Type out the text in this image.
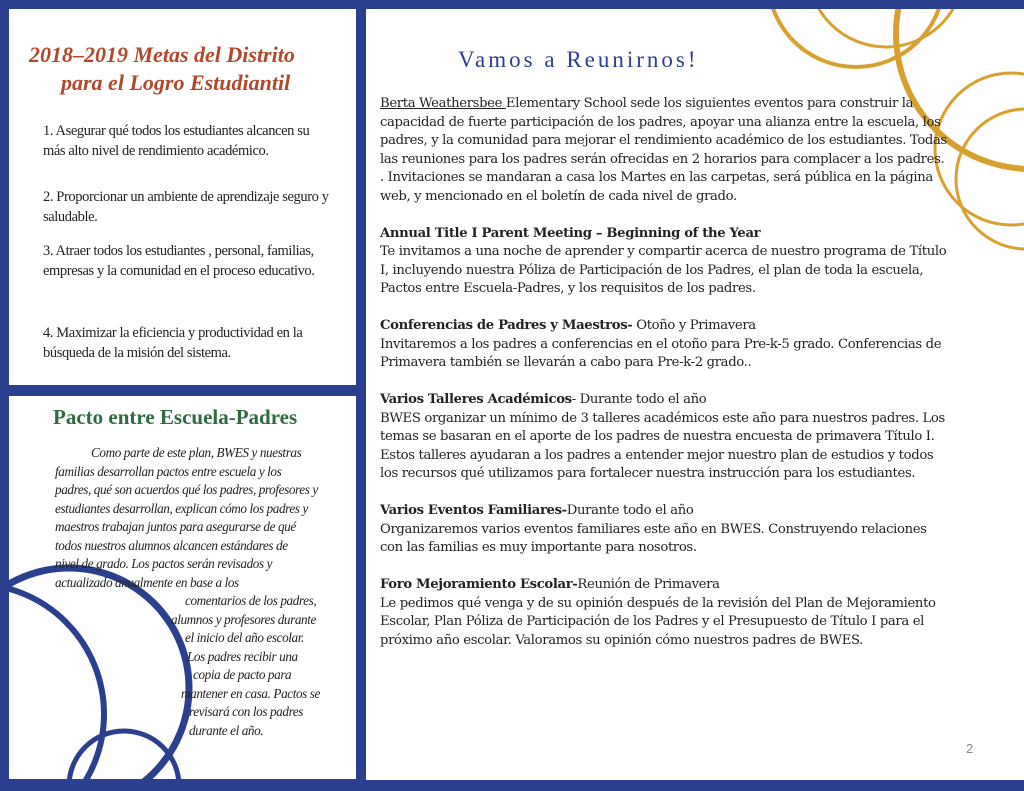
2018–2019 Metas del Distrito
para el Logro Estudiantil

1. Asegurar qué todos los estudiantes alcancen su más alto nivel de rendimiento académico.

2. Proporcionar un ambiente de aprendizaje seguro y saludable.

3. Atraer todos los estudiantes , personal, familias, empresas y la comunidad en el proceso educativo.

4. Maximizar la eficiencia y productividad en la búsqueda de la misión del sistema.

Pacto entre Escuela-Padres
Como parte de este plan, BWES y nuestras
familias desarrollan pactos entre escuela y los
padres, qué son acuerdos qué los padres, profesores y
estudiantes desarrollan, explican cómo los padres y
maestros trabajan juntos para asegurarse de qué
todos nuestros alumnos alcancen estándares de
nivel de grado. Los pactos serán revisados y
actualizado anualmente en base a los
comentarios de los padres,
alumnos y profesores durante
el inicio del año escolar.
Los padres recibir una
copia de pacto para
mantener en casa. Pactos se
revisará con los padres
durante el año.
Vamos a Reunirnos!

Berta Weathersbee Elementary School sede los siguientes eventos para construir la capacidad de fuerte participación de los padres, apoyar una alianza entre la escuela, los padres, y la comunidad para mejorar el rendimiento académico de los estudiantes. Todas las reuniones para los padres serán ofrecidas en 2 horarios para complacer a los padres. . Invitaciones se mandaran a casa los Martes en las carpetas, será pública en la página web, y mencionado en el boletín de cada nivel de grado.

Annual Title I Parent Meeting – Beginning of the Year
Te invitamos a una noche de aprender y compartir acerca de nuestro programa de Título I, incluyendo nuestra Póliza de Participación de los Padres, el plan de toda la escuela, Pactos entre Escuela-Padres, y los requisitos de los padres.
Conferencias de Padres y Maestros- Otoño y Primavera
Invitaremos a los padres a conferencias en el otoño para Pre-k-5 grado. Conferencias de Primavera también se llevarán a cabo para Pre-k-2 grado..
Varios Talleres Académicos- Durante todo el año
BWES organizar un mínimo de 3 talleres académicos este año para nuestros padres. Los temas se basaran en el aporte de los padres de nuestra encuesta de primavera Título I. Estos talleres ayudaran a los padres a entender mejor nuestro plan de estudios y todos los recursos qué utilizamos para fortalecer nuestra instrucción para los estudiantes.
Varios Eventos Familiares-Durante todo el año
Organizaremos varios eventos familiares este año en BWES. Construyendo relaciones con las familias es muy importante para nosotros.
Foro Mejoramiento Escolar-Reunión de Primavera
Le pedimos qué venga y de su opinión después de la revisión del Plan de Mejoramiento Escolar, Plan Póliza de Participación de los Padres y el Presupuesto de Título I para el próximo año escolar. Valoramos su opinión cómo nuestros padres de BWES.
2
